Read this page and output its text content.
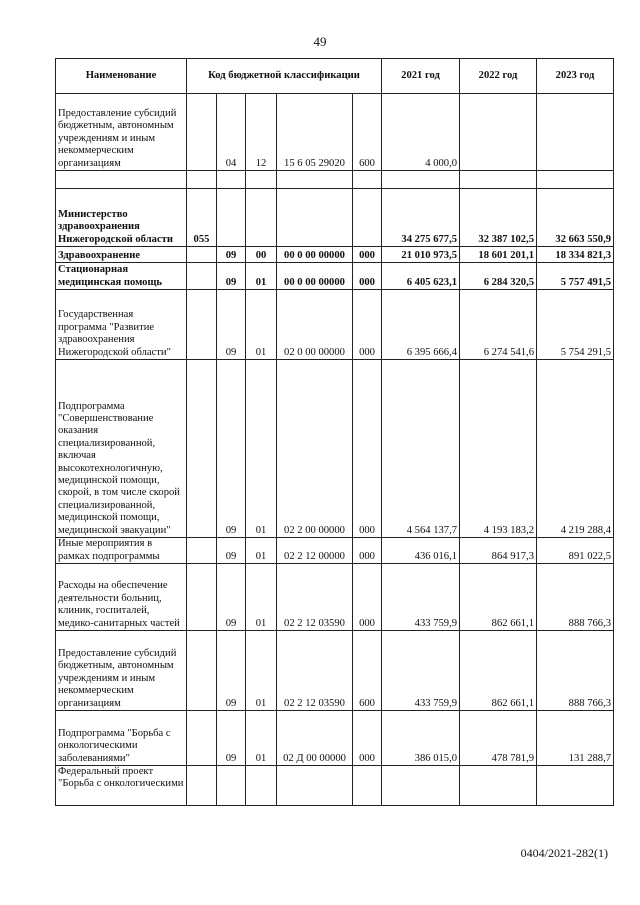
49
Наименование	Код бюджетной классификации					2021 год	2022 год	2023 год
Предоставление субсидий бюджетным, автономным учреждениям и иным некоммерческим организациям		04	12	15 6 05 29020	600	4 000,0		

Министерство здравоохранения Нижегородской области	055					34 275 677,5	32 387 102,5	32 663 550,9
Здравоохранение		09	00	00 0 00 00000	000	21 010 973,5	18 601 201,1	18 334 821,3
Стационарная медицинская помощь		09	01	00 0 00 00000	000	6 405 623,1	6 284 320,5	5 757 491,5
Государственная программа "Развитие здравоохранения Нижегородской области"		09	01	02 0 00 00000	000	6 395 666,4	6 274 541,6	5 754 291,5
Подпрограмма "Совершенствование оказания специализированной, включая высокотехнологичную, медицинской помощи, скорой, в том числе скорой специализированной, медицинской помощи, медицинской эвакуации"		09	01	02 2 00 00000	000	4 564 137,7	4 193 183,2	4 219 288,4
Иные мероприятия в рамках подпрограммы		09	01	02 2 12 00000	000	436 016,1	864 917,3	891 022,5
Расходы на обеспечение деятельности больниц, клиник, госпиталей, медико-санитарных частей		09	01	02 2 12 03590	000	433 759,9	862 661,1	888 766,3
Предоставление субсидий бюджетным, автономным учреждениям и иным некоммерческим организациям		09	01	02 2 12 03590	600	433 759,9	862 661,1	888 766,3
Подпрограмма "Борьба с онкологическими заболеваниями"		09	01	02 Д 00 00000	000	386 015,0	478 781,9	131 288,7
Федеральный проект "Борьба с онкологическими								
0404/2021-282(1)
